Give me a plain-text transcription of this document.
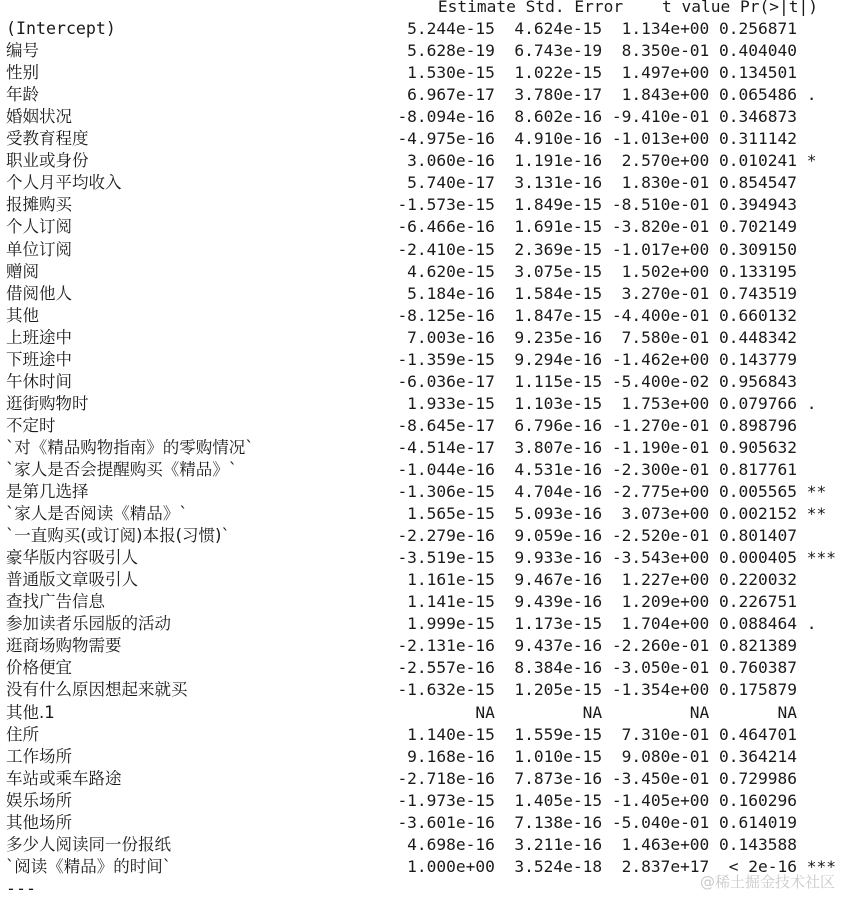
Estimate Std. Error    t value Pr(>|t|)

(Intercept)	5.244e-15  4.624e-15  1.134e+00 0.256871
编号	5.628e-19  6.743e-19  8.350e-01 0.404040
性别	1.530e-15  1.022e-15  1.497e+00 0.134501
年龄	6.967e-17  3.780e-17  1.843e+00 0.065486 .
婚姻状况	-8.094e-16  8.602e-16 -9.410e-01 0.346873
受教育程度	-4.975e-16  4.910e-16 -1.013e+00 0.311142
职业或身份	3.060e-16  1.191e-16  2.570e+00 0.010241 *
个人月平均收入	5.740e-17  3.131e-16  1.830e-01 0.854547
报摊购买	-1.573e-15  1.849e-15 -8.510e-01 0.394943
个人订阅	-6.466e-16  1.691e-15 -3.820e-01 0.702149
单位订阅	-2.410e-15  2.369e-15 -1.017e+00 0.309150
赠阅	4.620e-15  3.075e-15  1.502e+00 0.133195
借阅他人	5.184e-16  1.584e-15  3.270e-01 0.743519
其他	-8.125e-16  1.847e-15 -4.400e-01 0.660132
上班途中	7.003e-16  9.235e-16  7.580e-01 0.448342
下班途中	-1.359e-15  9.294e-16 -1.462e+00 0.143779
午休时间	-6.036e-17  1.115e-15 -5.400e-02 0.956843
逛街购物时	1.933e-15  1.103e-15  1.753e+00 0.079766 .
不定时	-8.645e-17  6.796e-16 -1.270e-01 0.898796
`对《精品购物指南》的零购情况`	-4.514e-17  3.807e-16 -1.190e-01 0.905632
`家人是否会提醒购买《精品》`	-1.044e-16  4.531e-16 -2.300e-01 0.817761
是第几选择	-1.306e-15  4.704e-16 -2.775e+00 0.005565 **
`家人是否阅读《精品》`	1.565e-15  5.093e-16  3.073e+00 0.002152 **
`一直购买(或订阅)本报(习惯)`	-2.279e-16  9.059e-16 -2.520e-01 0.801407
豪华版内容吸引人	-3.519e-15  9.933e-16 -3.543e+00 0.000405 ***
普通版文章吸引人	1.161e-15  9.467e-16  1.227e+00 0.220032
查找广告信息	1.141e-15  9.439e-16  1.209e+00 0.226751
参加读者乐园版的活动	1.999e-15  1.173e-15  1.704e+00 0.088464 .
逛商场购物需要	-2.131e-16  9.437e-16 -2.260e-01 0.821389
价格便宜	-2.557e-16  8.384e-16 -3.050e-01 0.760387
没有什么原因想起来就买	-1.632e-15  1.205e-15 -1.354e+00 0.175879
其他.1	NA         NA         NA       NA
住所	1.140e-15  1.559e-15  7.310e-01 0.464701
工作场所	9.168e-16  1.010e-15  9.080e-01 0.364214
车站或乘车路途	-2.718e-16  7.873e-16 -3.450e-01 0.729986
娱乐场所	-1.973e-15  1.405e-15 -1.405e+00 0.160296
其他场所	-3.601e-16  7.138e-16 -5.040e-01 0.614019
多少人阅读同一份报纸	4.698e-16  3.211e-16  1.463e+00 0.143588
`阅读《精品》的时间`	1.000e+00  3.524e-18  2.837e+17  < 2e-16 ***
---	@稀土掘金技术社区
